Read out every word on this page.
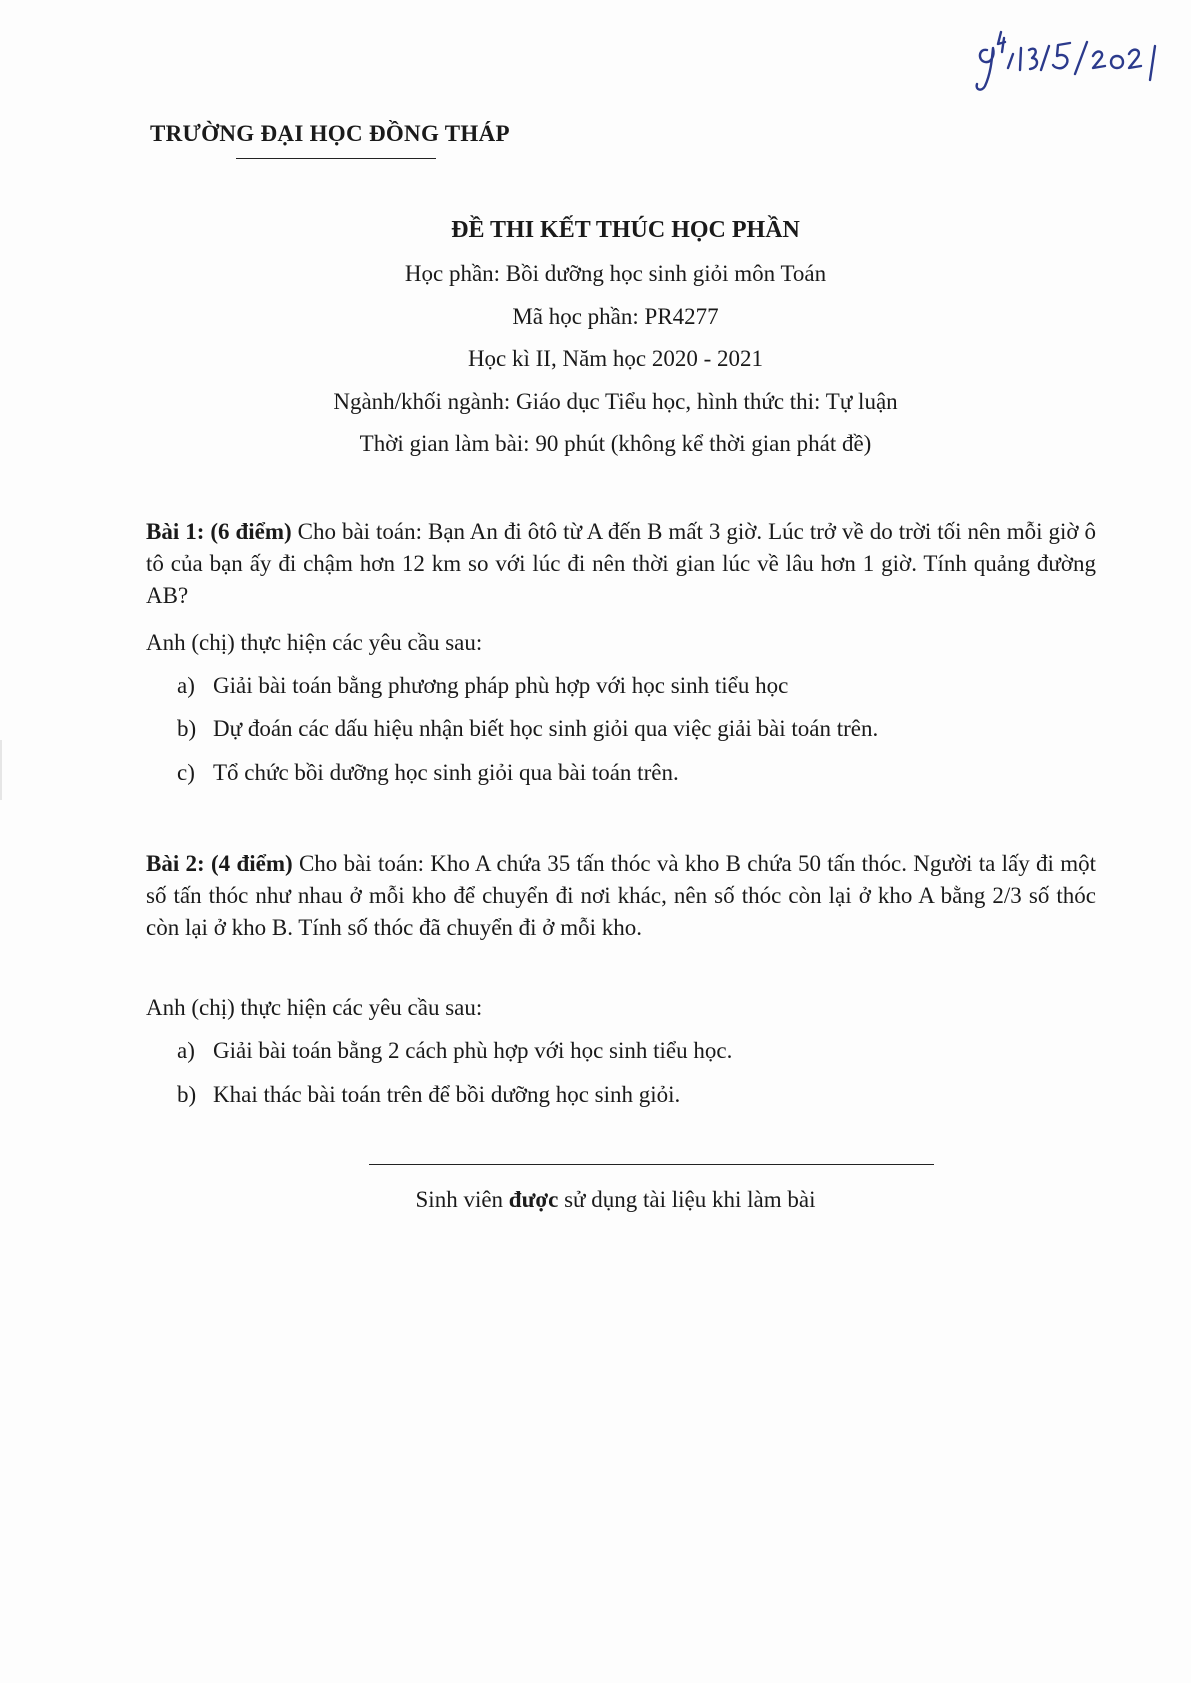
TRƯỜNG ĐẠI HỌC ĐỒNG THÁP
ĐỀ THI KẾT THÚC HỌC PHẦN
Học phần: Bồi dưỡng học sinh giỏi môn Toán
Mã học phần: PR4277
Học kì II, Năm học 2020 - 2021
Ngành/khối ngành: Giáo dục Tiểu học, hình thức thi: Tự luận
Thời gian làm bài: 90 phút (không kể thời gian phát đề)
Bài 1: (6 điểm) Cho bài toán: Bạn An đi ôtô từ A đến B mất 3 giờ. Lúc trở về do trời tối nên mỗi giờ ô tô của bạn ấy đi chậm hơn 12 km so với lúc đi nên thời gian lúc về lâu hơn 1 giờ. Tính quảng đường AB?
Anh (chị) thực hiện các yêu cầu sau:
a) Giải bài toán bằng phương pháp phù hợp với học sinh tiểu học
b) Dự đoán các dấu hiệu nhận biết học sinh giỏi qua việc giải bài toán trên.
c) Tổ chức bồi dưỡng học sinh giỏi qua bài toán trên.
Bài 2: (4 điểm) Cho bài toán: Kho A chứa 35 tấn thóc và kho B chứa 50 tấn thóc. Người ta lấy đi một số tấn thóc như nhau ở mỗi kho để chuyển đi nơi khác, nên số thóc còn lại ở kho A bằng 2/3 số thóc còn lại ở kho B. Tính số thóc đã chuyển đi ở mỗi kho.
Anh (chị) thực hiện các yêu cầu sau:
a) Giải bài toán bằng 2 cách phù hợp với học sinh tiểu học.
b) Khai thác bài toán trên để bồi dưỡng học sinh giỏi.
Sinh viên được sử dụng tài liệu khi làm bài
